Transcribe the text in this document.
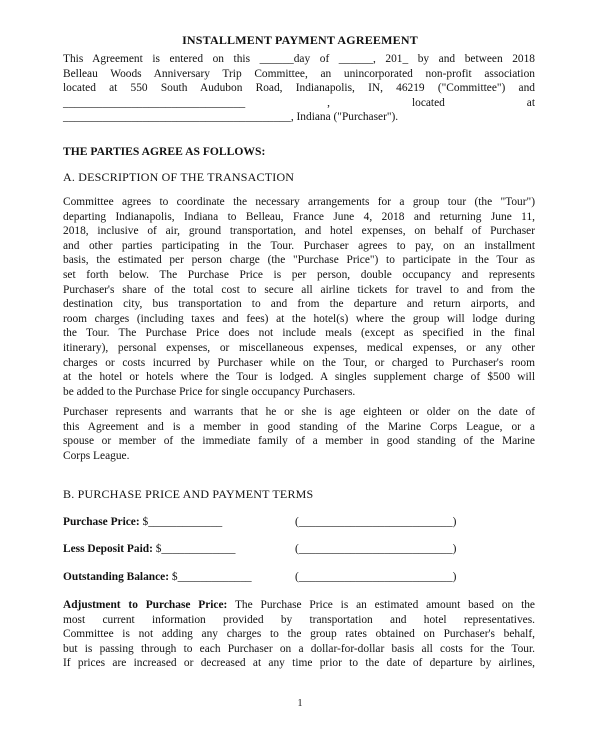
INSTALLMENT PAYMENT AGREEMENT
This Agreement is entered on this ______day of ______, 201_ by and between 2018
Belleau Woods Anniversary Trip Committee, an unincorporated non-profit association
located at 550 South Audubon Road, Indianapolis, IN, 46219 ("Committee") and
________________________________ , located at
________________________________________, Indiana ("Purchaser").
THE PARTIES AGREE AS FOLLOWS:
A. DESCRIPTION OF THE TRANSACTION
Committee agrees to coordinate the necessary arrangements for a group tour (the "Tour")
departing Indianapolis, Indiana to Belleau, France June 4, 2018 and returning June 11,
2018, inclusive of air, ground transportation, and hotel expenses, on behalf of Purchaser
and other parties participating in the Tour. Purchaser agrees to pay, on an installment
basis, the estimated per person charge (the "Purchase Price") to participate in the Tour as
set forth below. The Purchase Price is per person, double occupancy and represents
Purchaser's share of the total cost to secure all airline tickets for travel to and from the
destination city, bus transportation to and from the departure and return airports, and
room charges (including taxes and fees) at the hotel(s) where the group will lodge during
the Tour. The Purchase Price does not include meals (except as specified in the final
itinerary), personal expenses, or miscellaneous expenses, medical expenses, or any other
charges or costs incurred by Purchaser while on the Tour, or charged to Purchaser's room
at the hotel or hotels where the Tour is lodged. A singles supplement charge of $500 will
be added to the Purchase Price for single occupancy Purchasers.
Purchaser represents and warrants that he or she is age eighteen or older on the date of
this Agreement and is a member in good standing of the Marine Corps League, or a
spouse or member of the immediate family of a member in good standing of the Marine
Corps League.
B. PURCHASE PRICE AND PAYMENT TERMS
Purchase Price: $_____________	(___________________________)
Less Deposit Paid: $_____________	(___________________________)
Outstanding Balance: $_____________	(___________________________)
Adjustment to Purchase Price: The Purchase Price is an estimated amount based on the
most current information provided by transportation and hotel representatives.
Committee is not adding any charges to the group rates obtained on Purchaser's behalf,
but is passing through to each Purchaser on a dollar-for-dollar basis all costs for the Tour.
If prices are increased or decreased at any time prior to the date of departure by airlines,
1
